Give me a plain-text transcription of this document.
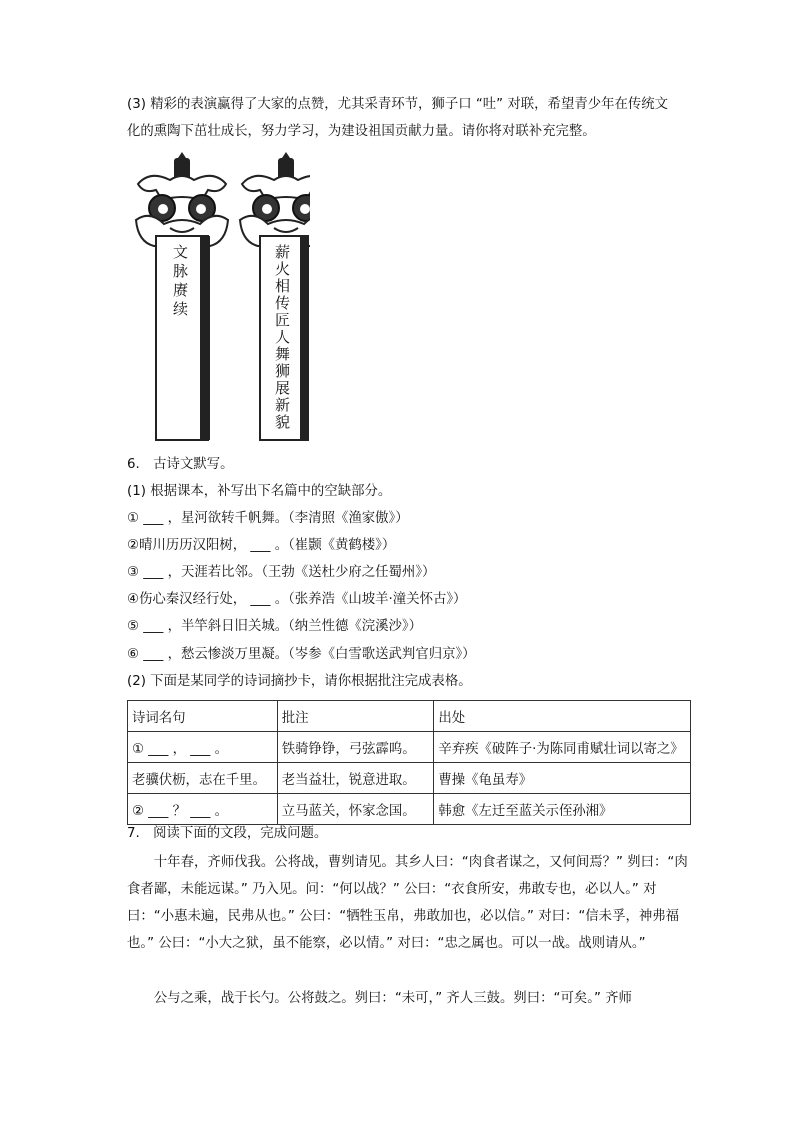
(3) 精彩的表演赢得了大家的点赞，尤其采青环节，狮子口 “吐” 对联，希望青少年在传统文
化的熏陶下茁壮成长，努力学习，为建设祖国贡献力量。请你将对联补充完整。
文脉赓续	薪火相传匠人舞狮展新貌
6.　古诗文默写。
(1) 根据课本，补写出下名篇中的空缺部分。
① ___ ，星河欲转千帆舞。（李清照《渔家傲》）
②晴川历历汉阳树， ___ 。（崔颢《黄鹤楼》）
③ ___ ，天涯若比邻。（王勃《送杜少府之任蜀州》）
④伤心秦汉经行处， ___ 。（张养浩《山坡羊·潼关怀古》）
⑤ ___ ，半竿斜日旧关城。（纳兰性德《浣溪沙》）
⑥ ___ ，愁云惨淡万里凝。（岑参《白雪歌送武判官归京》）
(2) 下面是某同学的诗词摘抄卡，请你根据批注完成表格。
诗词名句	批注	出处
① ___ ， ___ 。	铁骑铮铮，弓弦霹呜。	辛弃疾《破阵子·为陈同甫赋壮词以寄之》
老骥伏枥，志在千里。	老当益壮，锐意进取。	曹操《龟虽寿》
② ___ ？ ___ 。	立马蓝关，怀家念国。	韩愈《左迁至蓝关示侄孙湘》
7.　阅读下面的文段，完成问题。
十年春，齐师伐我。公将战，曹刿请见。其乡人曰：“肉食者谋之，又何间焉？” 刿曰：“肉食者鄙，未能远谋。” 乃入见。问：“何以战？” 公曰：“衣食所安，弗敢专也，必以人。” 对曰：“小惠未遍，民弗从也。” 公曰：“牺牲玉帛，弗敢加也，必以信。” 对曰：“信未孚，神弗福也。” 公曰：“小大之狱，虽不能察，必以情。” 对曰：“忠之属也。可以一战。战则请从。”
公与之乘，战于长勺。公将鼓之。刿曰：“未可，” 齐人三鼓。刿曰：“可矣。” 齐师
